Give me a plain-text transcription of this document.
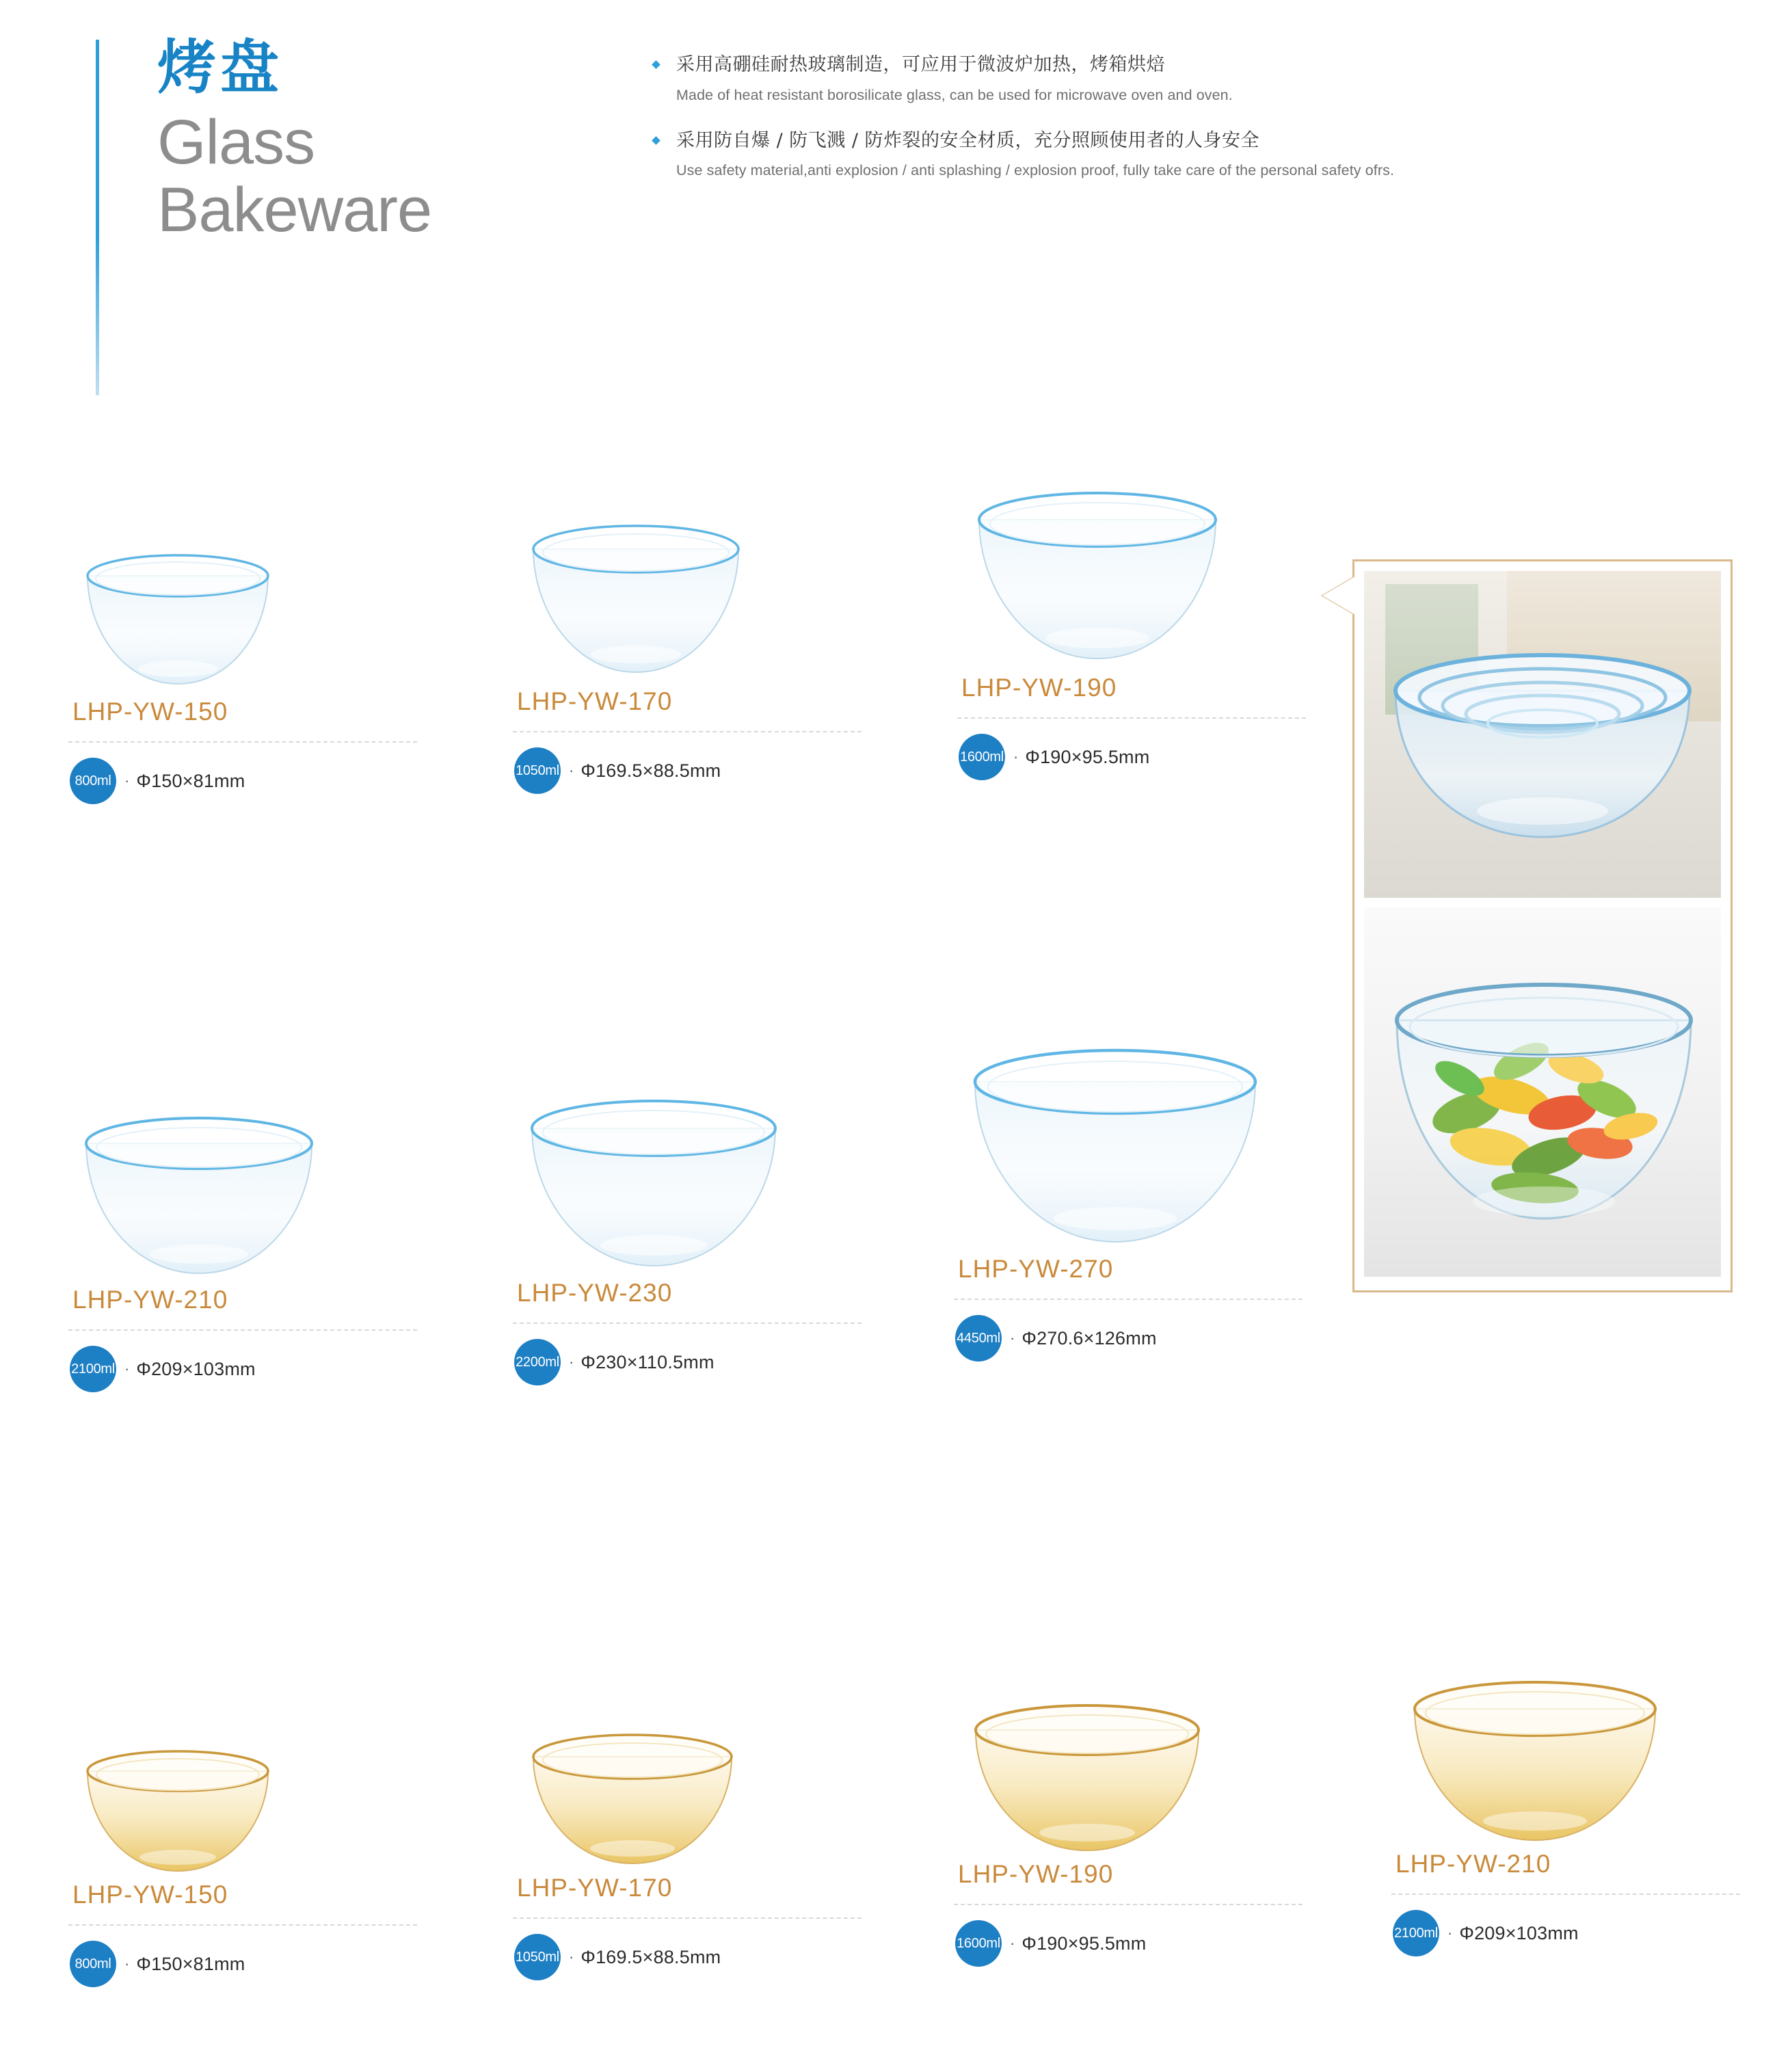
烤盘
Glass
Bakeware
采用高硼硅耐热玻璃制造，可应用于微波炉加热，烤箱烘焙
Made of heat resistant borosilicate glass, can be used for microwave oven and oven.
采用防自爆 / 防飞溅 / 防炸裂的安全材质，充分照顾使用者的人身安全
Use safety material,anti explosion / anti splashing / explosion proof, fully take care of the personal safety ofrs.
LHP-YW-150
800ml · Φ150×81mm
LHP-YW-170
1050ml · Φ169.5×88.5mm
LHP-YW-190
1600ml · Φ190×95.5mm
LHP-YW-210
2100ml · Φ209×103mm
LHP-YW-230
2200ml · Φ230×110.5mm
LHP-YW-270
4450ml · Φ270.6×126mm
LHP-YW-150
800ml · Φ150×81mm
LHP-YW-170
1050ml · Φ169.5×88.5mm
LHP-YW-190
1600ml · Φ190×95.5mm
LHP-YW-210
2100ml · Φ209×103mm
